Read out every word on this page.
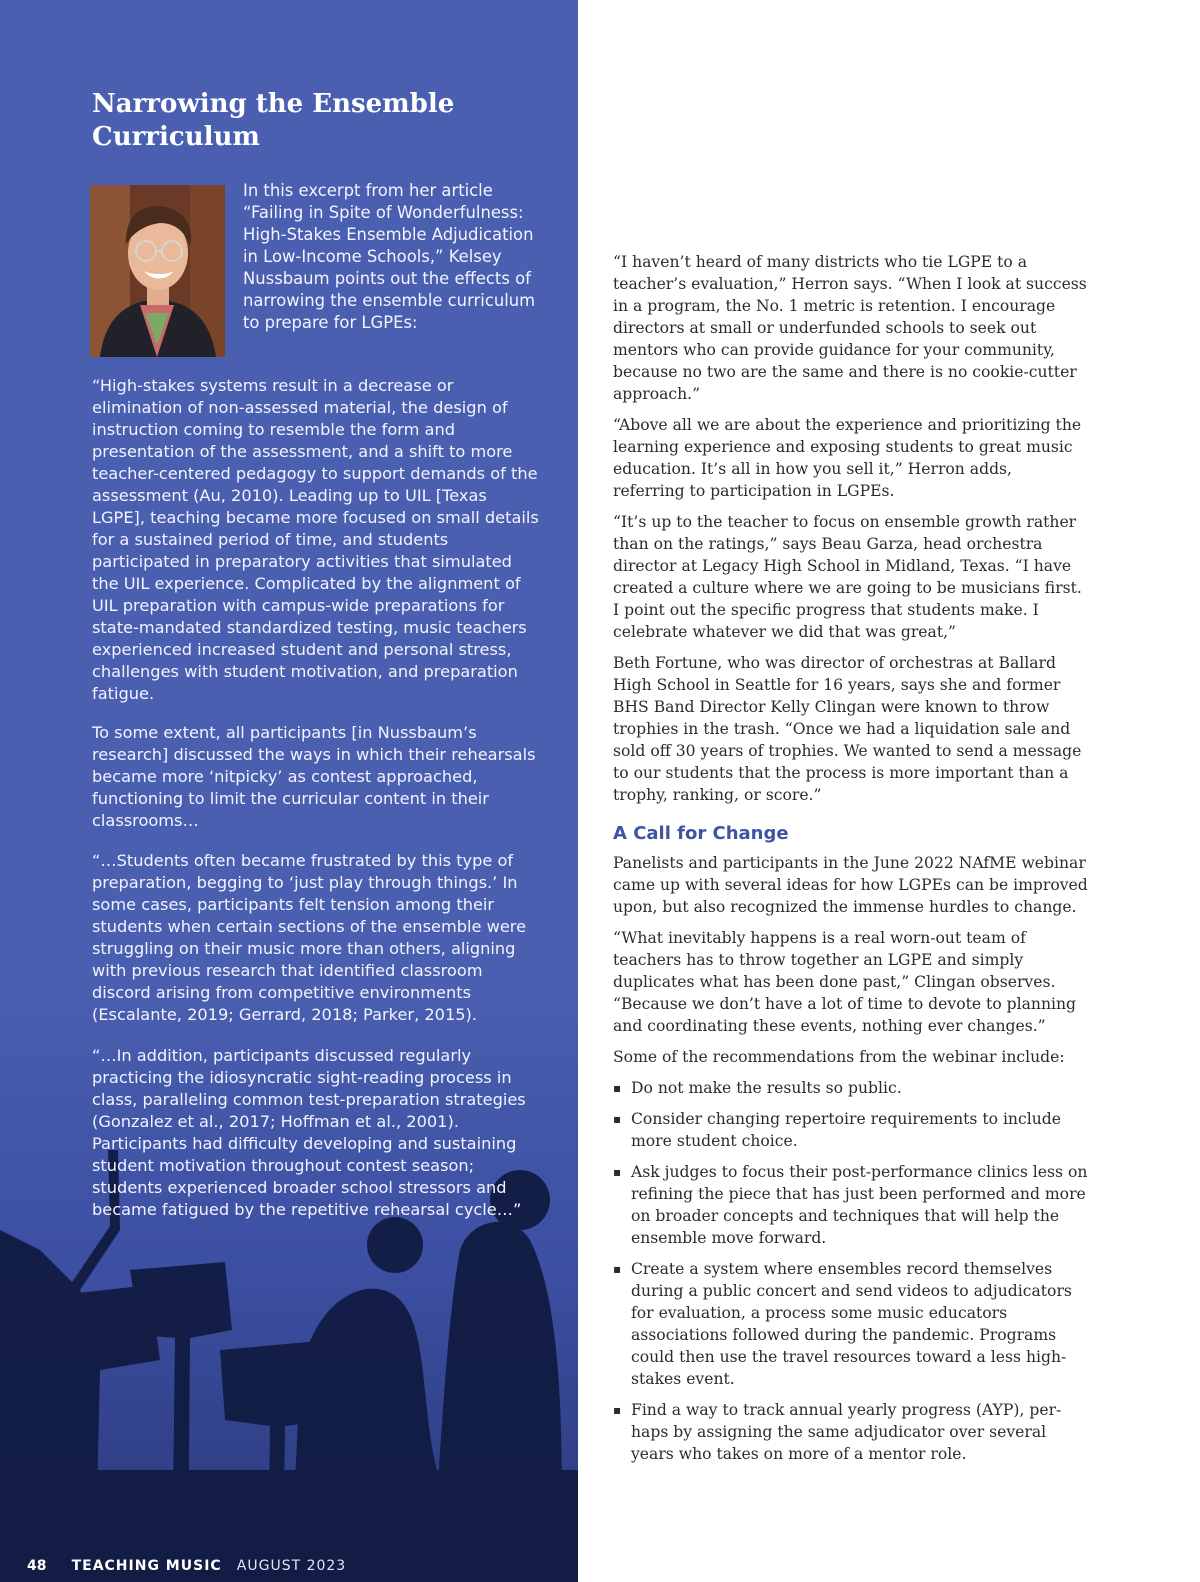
Narrowing the Ensemble Curriculum

In this excerpt from her article “Failing in Spite of Wonderfulness: High-Stakes Ensemble Adjudication in Low-Income Schools,” Kelsey Nussbaum points out the effects of narrowing the ensemble curriculum to prepare for LGPEs:

“High-stakes systems result in a decrease or elimination of non-assessed material, the design of instruction coming to resemble the form and presentation of the assessment, and a shift to more teacher-centered pedagogy to support demands of the assessment (Au, 2010). Leading up to UIL [Texas LGPE], teaching became more focused on small details for a sustained period of time, and students participated in preparatory activities that simulated the UIL experience. Complicated by the alignment of UIL preparation with campus-wide preparations for state-mandated standardized testing, music teachers experienced increased student and personal stress, challenges with student motivation, and preparation fatigue.

To some extent, all participants [in Nussbaum’s research] discussed the ways in which their rehearsals became more ‘nitpicky’ as contest approached, functioning to limit the curricular content in their classrooms…

“…Students often became frustrated by this type of preparation, begging to ‘just play through things.’ In some cases, participants felt tension among their students when certain sections of the ensemble were struggling on their music more than others, aligning with previous research that identified classroom discord arising from competitive environments (Escalante, 2019; Gerrard, 2018; Parker, 2015).

“…In addition, participants discussed regularly practicing the idiosyncratic sight-reading process in class, paralleling common test-preparation strategies (Gonzalez et al., 2017; Hoffman et al., 2001). Participants had difficulty developing and sustaining student motivation throughout contest season; students experienced broader school stressors and became fatigued by the repetitive rehearsal cycle…”

48 TEACHING MUSIC AUGUST 2023

“I haven’t heard of many districts who tie LGPE to a teacher’s evaluation,” Herron says. “When I look at success in a program, the No. 1 metric is retention. I encourage directors at small or underfunded schools to seek out mentors who can provide guidance for your community, because no two are the same and there is no cookie-cutter approach.”

“Above all we are about the experience and prioritizing the learning experience and exposing students to great music education. It’s all in how you sell it,” Herron adds, referring to participation in LGPEs.

“It’s up to the teacher to focus on ensemble growth rather than on the ratings,” says Beau Garza, head orchestra director at Legacy High School in Midland, Texas. “I have created a culture where we are going to be musicians first. I point out the specific progress that students make. I celebrate whatever we did that was great,”

Beth Fortune, who was director of orchestras at Ballard High School in Seattle for 16 years, says she and former BHS Band Director Kelly Clingan were known to throw trophies in the trash. “Once we had a liquidation sale and sold off 30 years of trophies. We wanted to send a message to our students that the process is more important than a trophy, ranking, or score.”

A Call for Change

Panelists and participants in the June 2022 NAfME webinar came up with several ideas for how LGPEs can be improved upon, but also recognized the immense hurdles to change.

“What inevitably happens is a real worn-out team of teachers has to throw together an LGPE and simply duplicates what has been done past,” Clingan observes. “Because we don’t have a lot of time to devote to planning and coordinating these events, nothing ever changes.”

Some of the recommendations from the webinar include:

▪ Do not make the results so public.
▪ Consider changing repertoire requirements to include more student choice.
▪ Ask judges to focus their post-performance clinics less on refining the piece that has just been performed and more on broader concepts and techniques that will help the ensemble move forward.
▪ Create a system where ensembles record themselves during a public concert and send videos to adjudicators for evaluation, a process some music educators associations followed during the pandemic. Programs could then use the travel resources toward a less high-stakes event.
▪ Find a way to track annual yearly progress (AYP), per-haps by assigning the same adjudicator over several years who takes on more of a mentor role.
